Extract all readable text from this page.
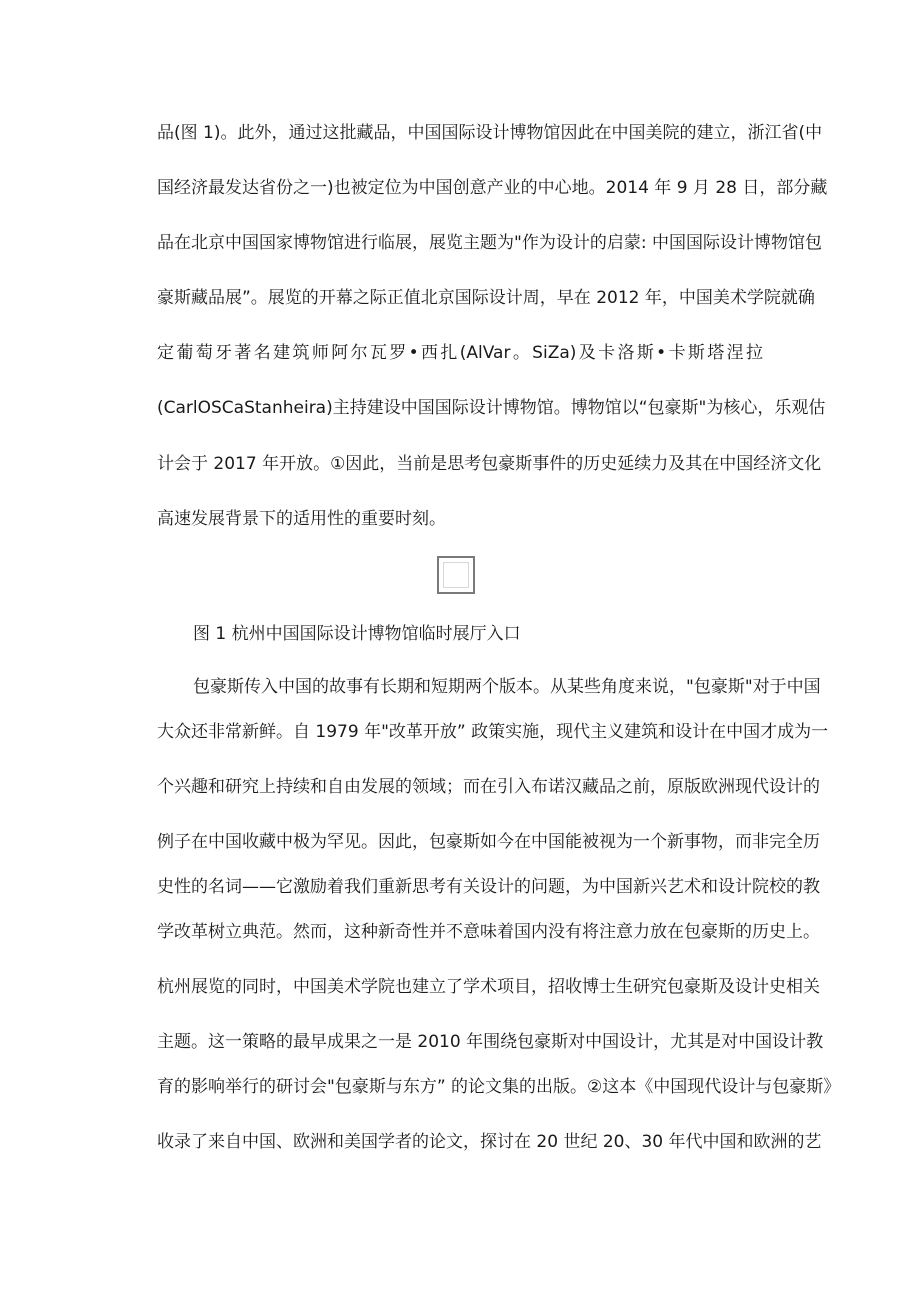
品(图 1)。此外，通过这批藏品，中国国际设计博物馆因此在中国美院的建立，浙江省(中
国经济最发达省份之一)也被定位为中国创意产业的中心地。2014 年 9 月 28 日，部分藏
品在北京中国国家博物馆进行临展，展览主题为"作为设计的启蒙: 中国国际设计博物馆包
豪斯藏品展”。展览的开幕之际正值北京国际设计周，早在 2012 年，中国美术学院就确
定葡萄牙著名建筑师阿尔瓦罗•西扎(AlVar。SiZa)及卡洛斯•卡斯塔涅拉
(CarlOSCaStanheira)主持建设中国国际设计博物馆。博物馆以“包豪斯"为核心，乐观估
计会于 2017 年开放。①因此，当前是思考包豪斯事件的历史延续力及其在中国经济文化
高速发展背景下的适用性的重要时刻。
图 1 杭州中国国际设计博物馆临时展厅入口
包豪斯传入中国的故事有长期和短期两个版本。从某些角度来说，"包豪斯"对于中国
大众还非常新鲜。自 1979 年"改革开放” 政策实施，现代主义建筑和设计在中国才成为一
个兴趣和研究上持续和自由发展的领域；而在引入布诺汉藏品之前，原版欧洲现代设计的
例子在中国收藏中极为罕见。因此，包豪斯如今在中国能被视为一个新事物，而非完全历
史性的名词——它激励着我们重新思考有关设计的问题，为中国新兴艺术和设计院校的教
学改革树立典范。然而，这种新奇性并不意味着国内没有将注意力放在包豪斯的历史上。
杭州展览的同时，中国美术学院也建立了学术项目，招收博士生研究包豪斯及设计史相关
主题。这一策略的最早成果之一是 2010 年围绕包豪斯对中国设计，尤其是对中国设计教
育的影响举行的研讨会"包豪斯与东方” 的论文集的出版。②这本《中国现代设计与包豪斯》
收录了来自中国、欧洲和美国学者的论文，探讨在 20 世纪 20、30 年代中国和欧洲的艺
